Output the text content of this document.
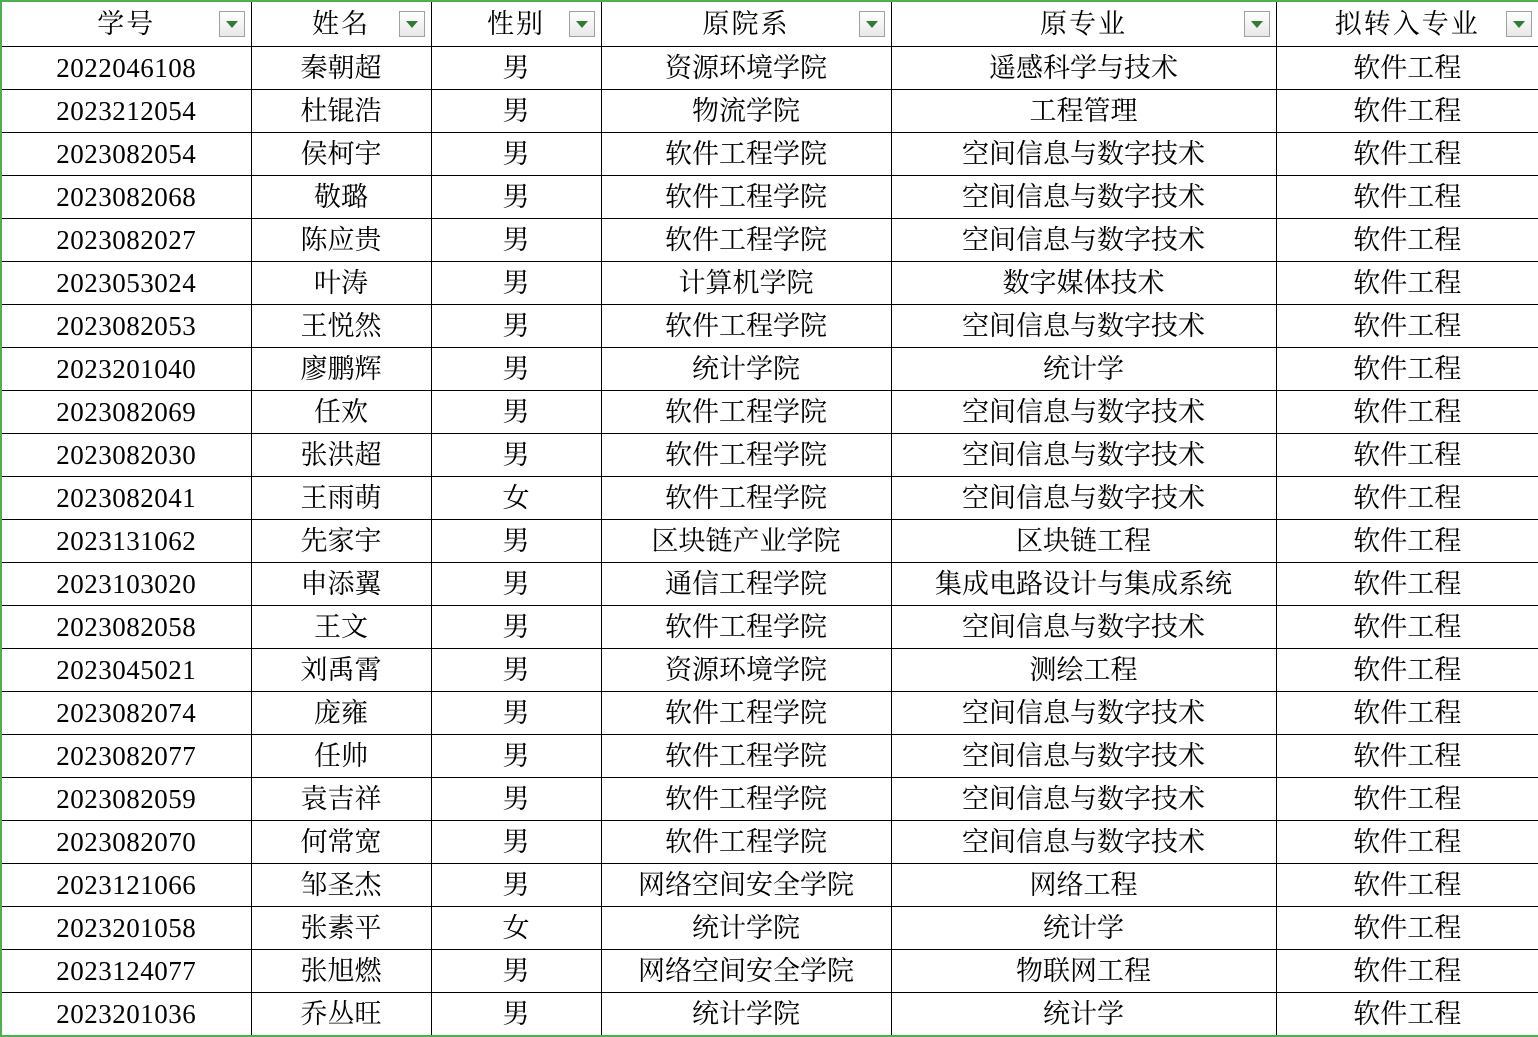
学号	姓名	性别	原院系	原专业	拟转入专业

2022046108	秦朝超	男	资源环境学院	遥感科学与技术	软件工程
2023212054	杜锟浩	男	物流学院	工程管理	软件工程
2023082054	侯柯宇	男	软件工程学院	空间信息与数字技术	软件工程
2023082068	敬璐	男	软件工程学院	空间信息与数字技术	软件工程
2023082027	陈应贵	男	软件工程学院	空间信息与数字技术	软件工程
2023053024	叶涛	男	计算机学院	数字媒体技术	软件工程
2023082053	王悦然	男	软件工程学院	空间信息与数字技术	软件工程
2023201040	廖鹏辉	男	统计学院	统计学	软件工程
2023082069	任欢	男	软件工程学院	空间信息与数字技术	软件工程
2023082030	张洪超	男	软件工程学院	空间信息与数字技术	软件工程
2023082041	王雨萌	女	软件工程学院	空间信息与数字技术	软件工程
2023131062	先家宇	男	区块链产业学院	区块链工程	软件工程
2023103020	申添翼	男	通信工程学院	集成电路设计与集成系统	软件工程
2023082058	王文	男	软件工程学院	空间信息与数字技术	软件工程
2023045021	刘禹霄	男	资源环境学院	测绘工程	软件工程
2023082074	庞雍	男	软件工程学院	空间信息与数字技术	软件工程
2023082077	任帅	男	软件工程学院	空间信息与数字技术	软件工程
2023082059	袁吉祥	男	软件工程学院	空间信息与数字技术	软件工程
2023082070	何常宽	男	软件工程学院	空间信息与数字技术	软件工程
2023121066	邹圣杰	男	网络空间安全学院	网络工程	软件工程
2023201058	张素平	女	统计学院	统计学	软件工程
2023124077	张旭燃	男	网络空间安全学院	物联网工程	软件工程
2023201036	乔丛旺	男	统计学院	统计学	软件工程
